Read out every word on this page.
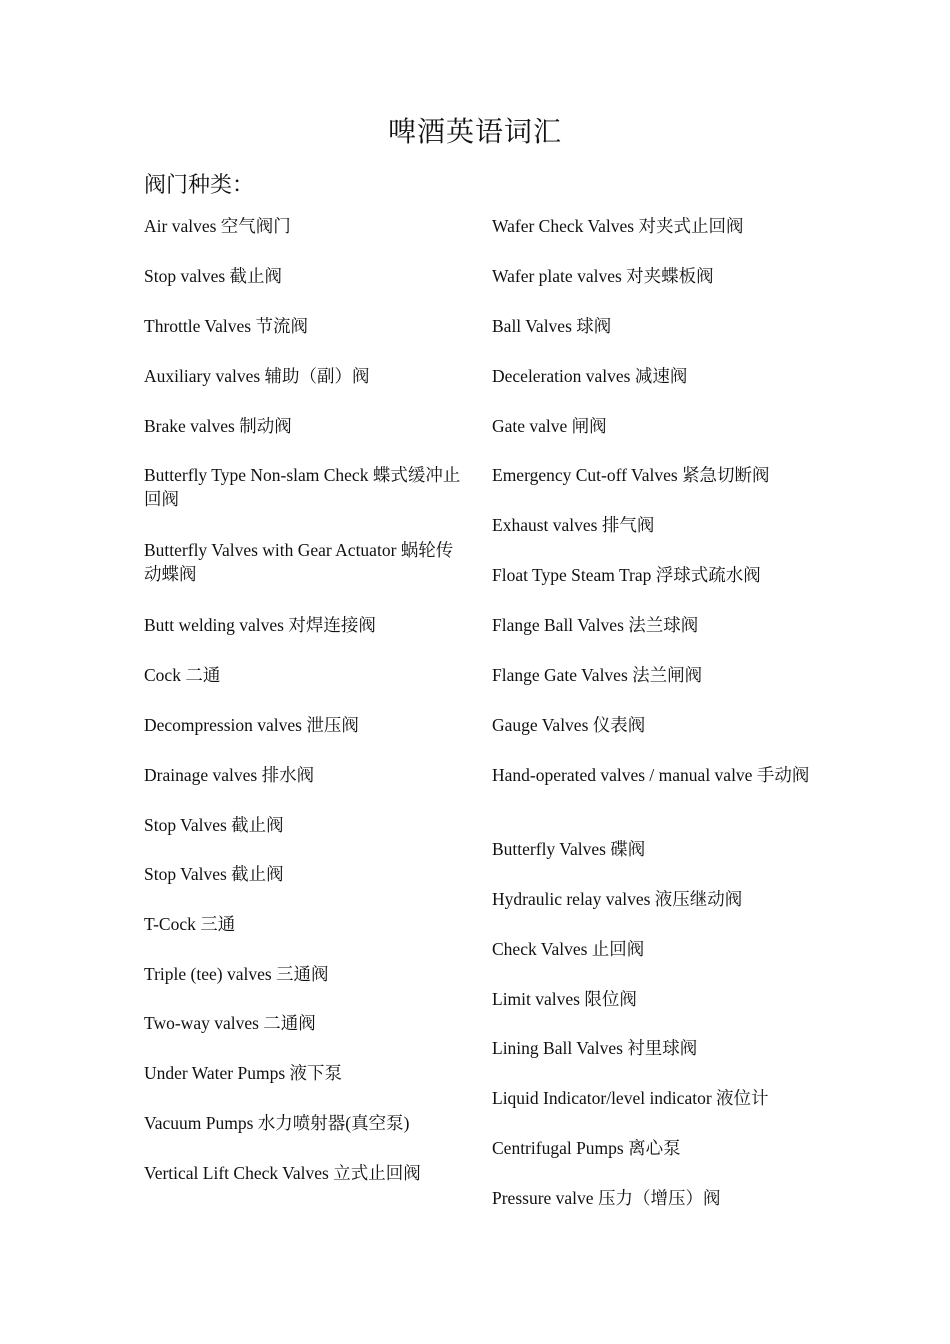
啤酒英语词汇
阀门种类：
Air valves 空气阀门
Stop valves 截止阀
Throttle Valves 节流阀
Auxiliary valves 辅助（副）阀
Brake valves 制动阀
Butterfly Type Non-slam Check 蝶式缓冲止回阀
Butterfly Valves with Gear Actuator 蜗轮传动蝶阀
Butt welding valves 对焊连接阀
Cock 二通
Decompression valves 泄压阀
Drainage valves 排水阀
Stop Valves 截止阀
Stop Valves 截止阀
T-Cock 三通
Triple (tee) valves 三通阀
Two-way valves 二通阀
Under Water Pumps 液下泵
Vacuum Pumps 水力喷射器(真空泵)
Vertical Lift Check Valves 立式止回阀
Wafer Check Valves 对夹式止回阀
Wafer plate valves 对夹蝶板阀
Ball Valves 球阀
Deceleration valves 减速阀
Gate valve 闸阀
Emergency Cut-off Valves 紧急切断阀
Exhaust valves 排气阀
Float Type Steam Trap 浮球式疏水阀
Flange Ball Valves 法兰球阀
Flange Gate Valves 法兰闸阀
Gauge Valves 仪表阀
Hand-operated valves / manual valve 手动阀
Butterfly Valves 碟阀
Hydraulic relay valves 液压继动阀
Check Valves 止回阀
Limit valves 限位阀
Lining Ball Valves 衬里球阀
Liquid Indicator/level indicator 液位计
Centrifugal Pumps 离心泵
Pressure valve 压力（增压）阀
